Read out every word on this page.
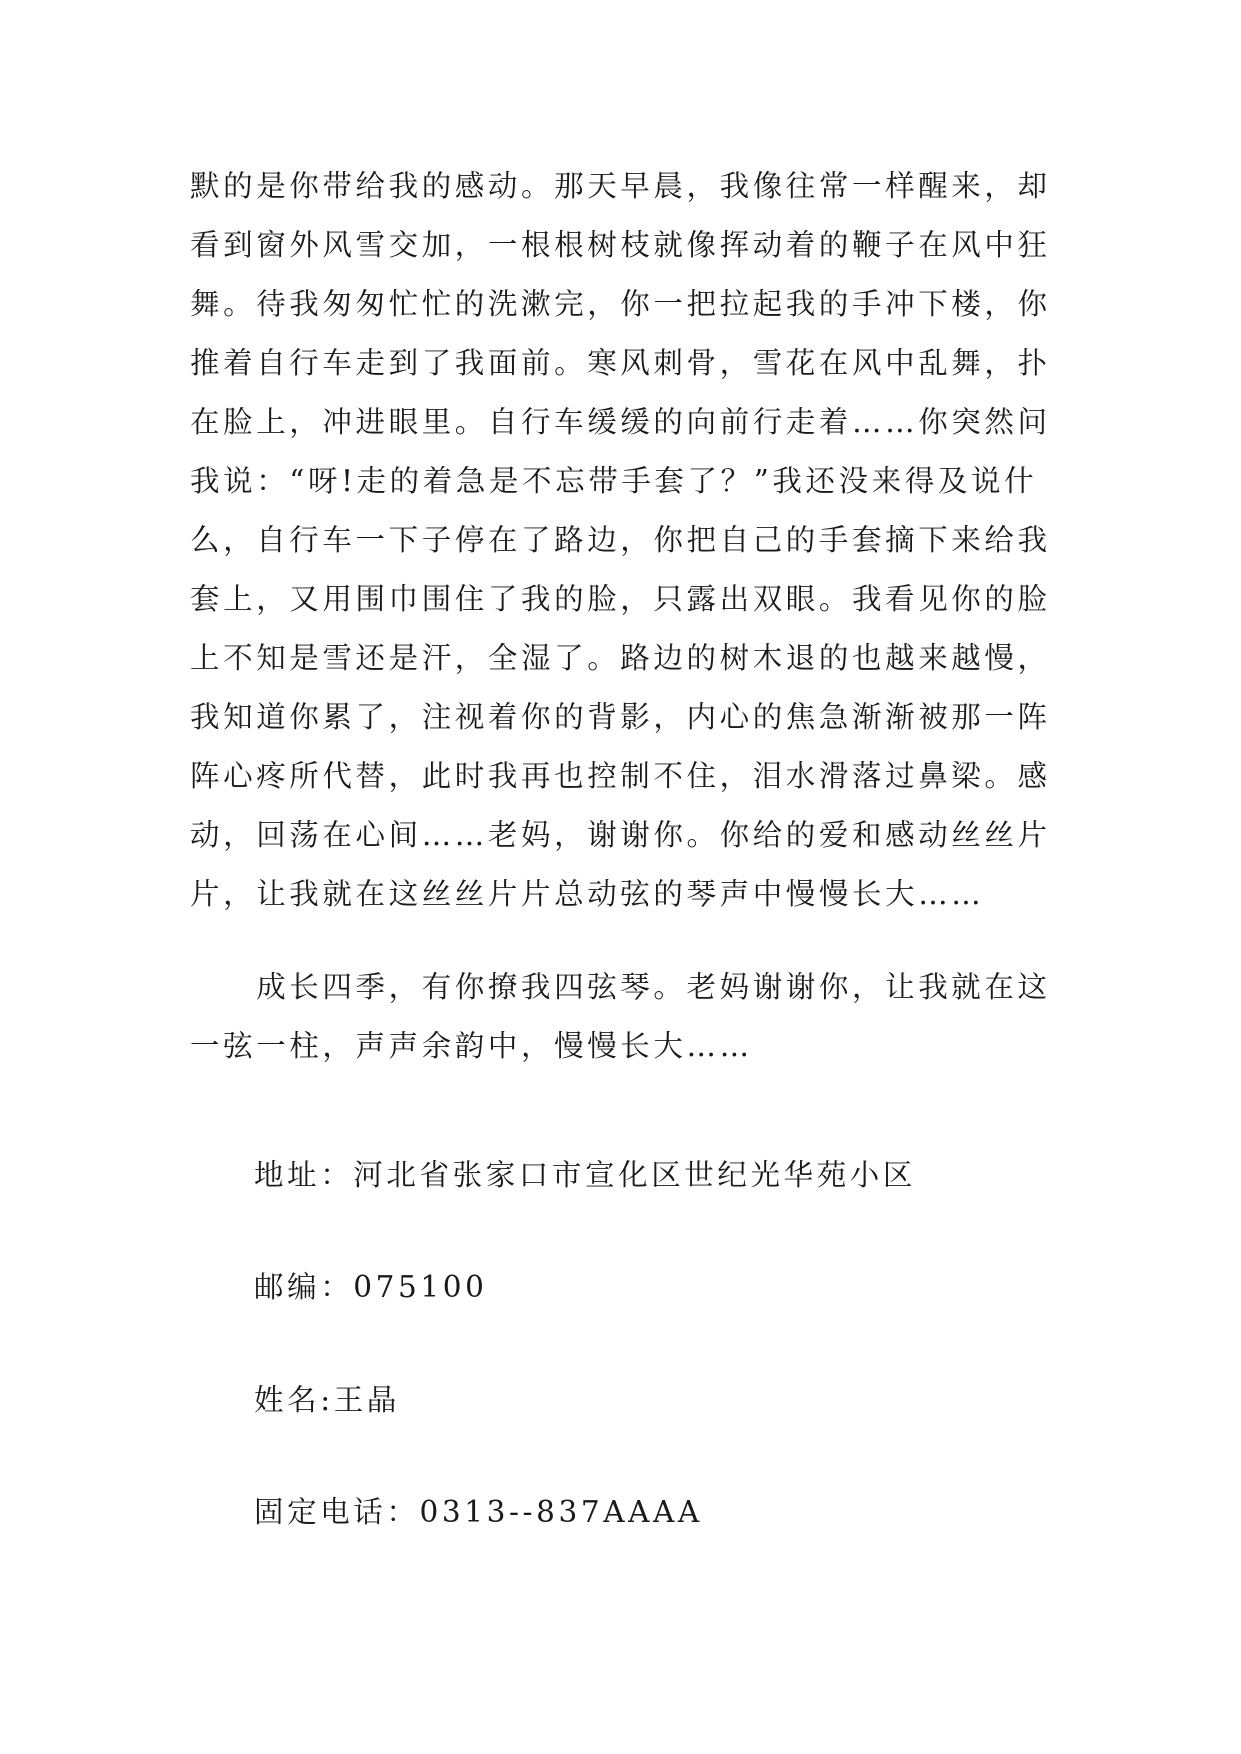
默的是你带给我的感动。那天早晨，我像往常一样醒来，却
看到窗外风雪交加，一根根树枝就像挥动着的鞭子在风中狂
舞。待我匆匆忙忙的洗漱完，你一把拉起我的手冲下楼，你
推着自行车走到了我面前。寒风刺骨，雪花在风中乱舞，扑
在脸上，冲进眼里。自行车缓缓的向前行走着……你突然问
我说：“呀!走的着急是不忘带手套了？”我还没来得及说什
么，自行车一下子停在了路边，你把自己的手套摘下来给我
套上，又用围巾围住了我的脸，只露出双眼。我看见你的脸
上不知是雪还是汗，全湿了。路边的树木退的也越来越慢，
我知道你累了，注视着你的背影，内心的焦急渐渐被那一阵
阵心疼所代替，此时我再也控制不住，泪水滑落过鼻梁。感
动，回荡在心间……老妈，谢谢你。你给的爱和感动丝丝片
片，让我就在这丝丝片片总动弦的琴声中慢慢长大……
　　成长四季，有你撩我四弦琴。老妈谢谢你，让我就在这
一弦一柱，声声余韵中，慢慢长大……
地址：河北省张家口市宣化区世纪光华苑小区
邮编：075100
姓名:王晶
固定电话：0313--837AAAA
